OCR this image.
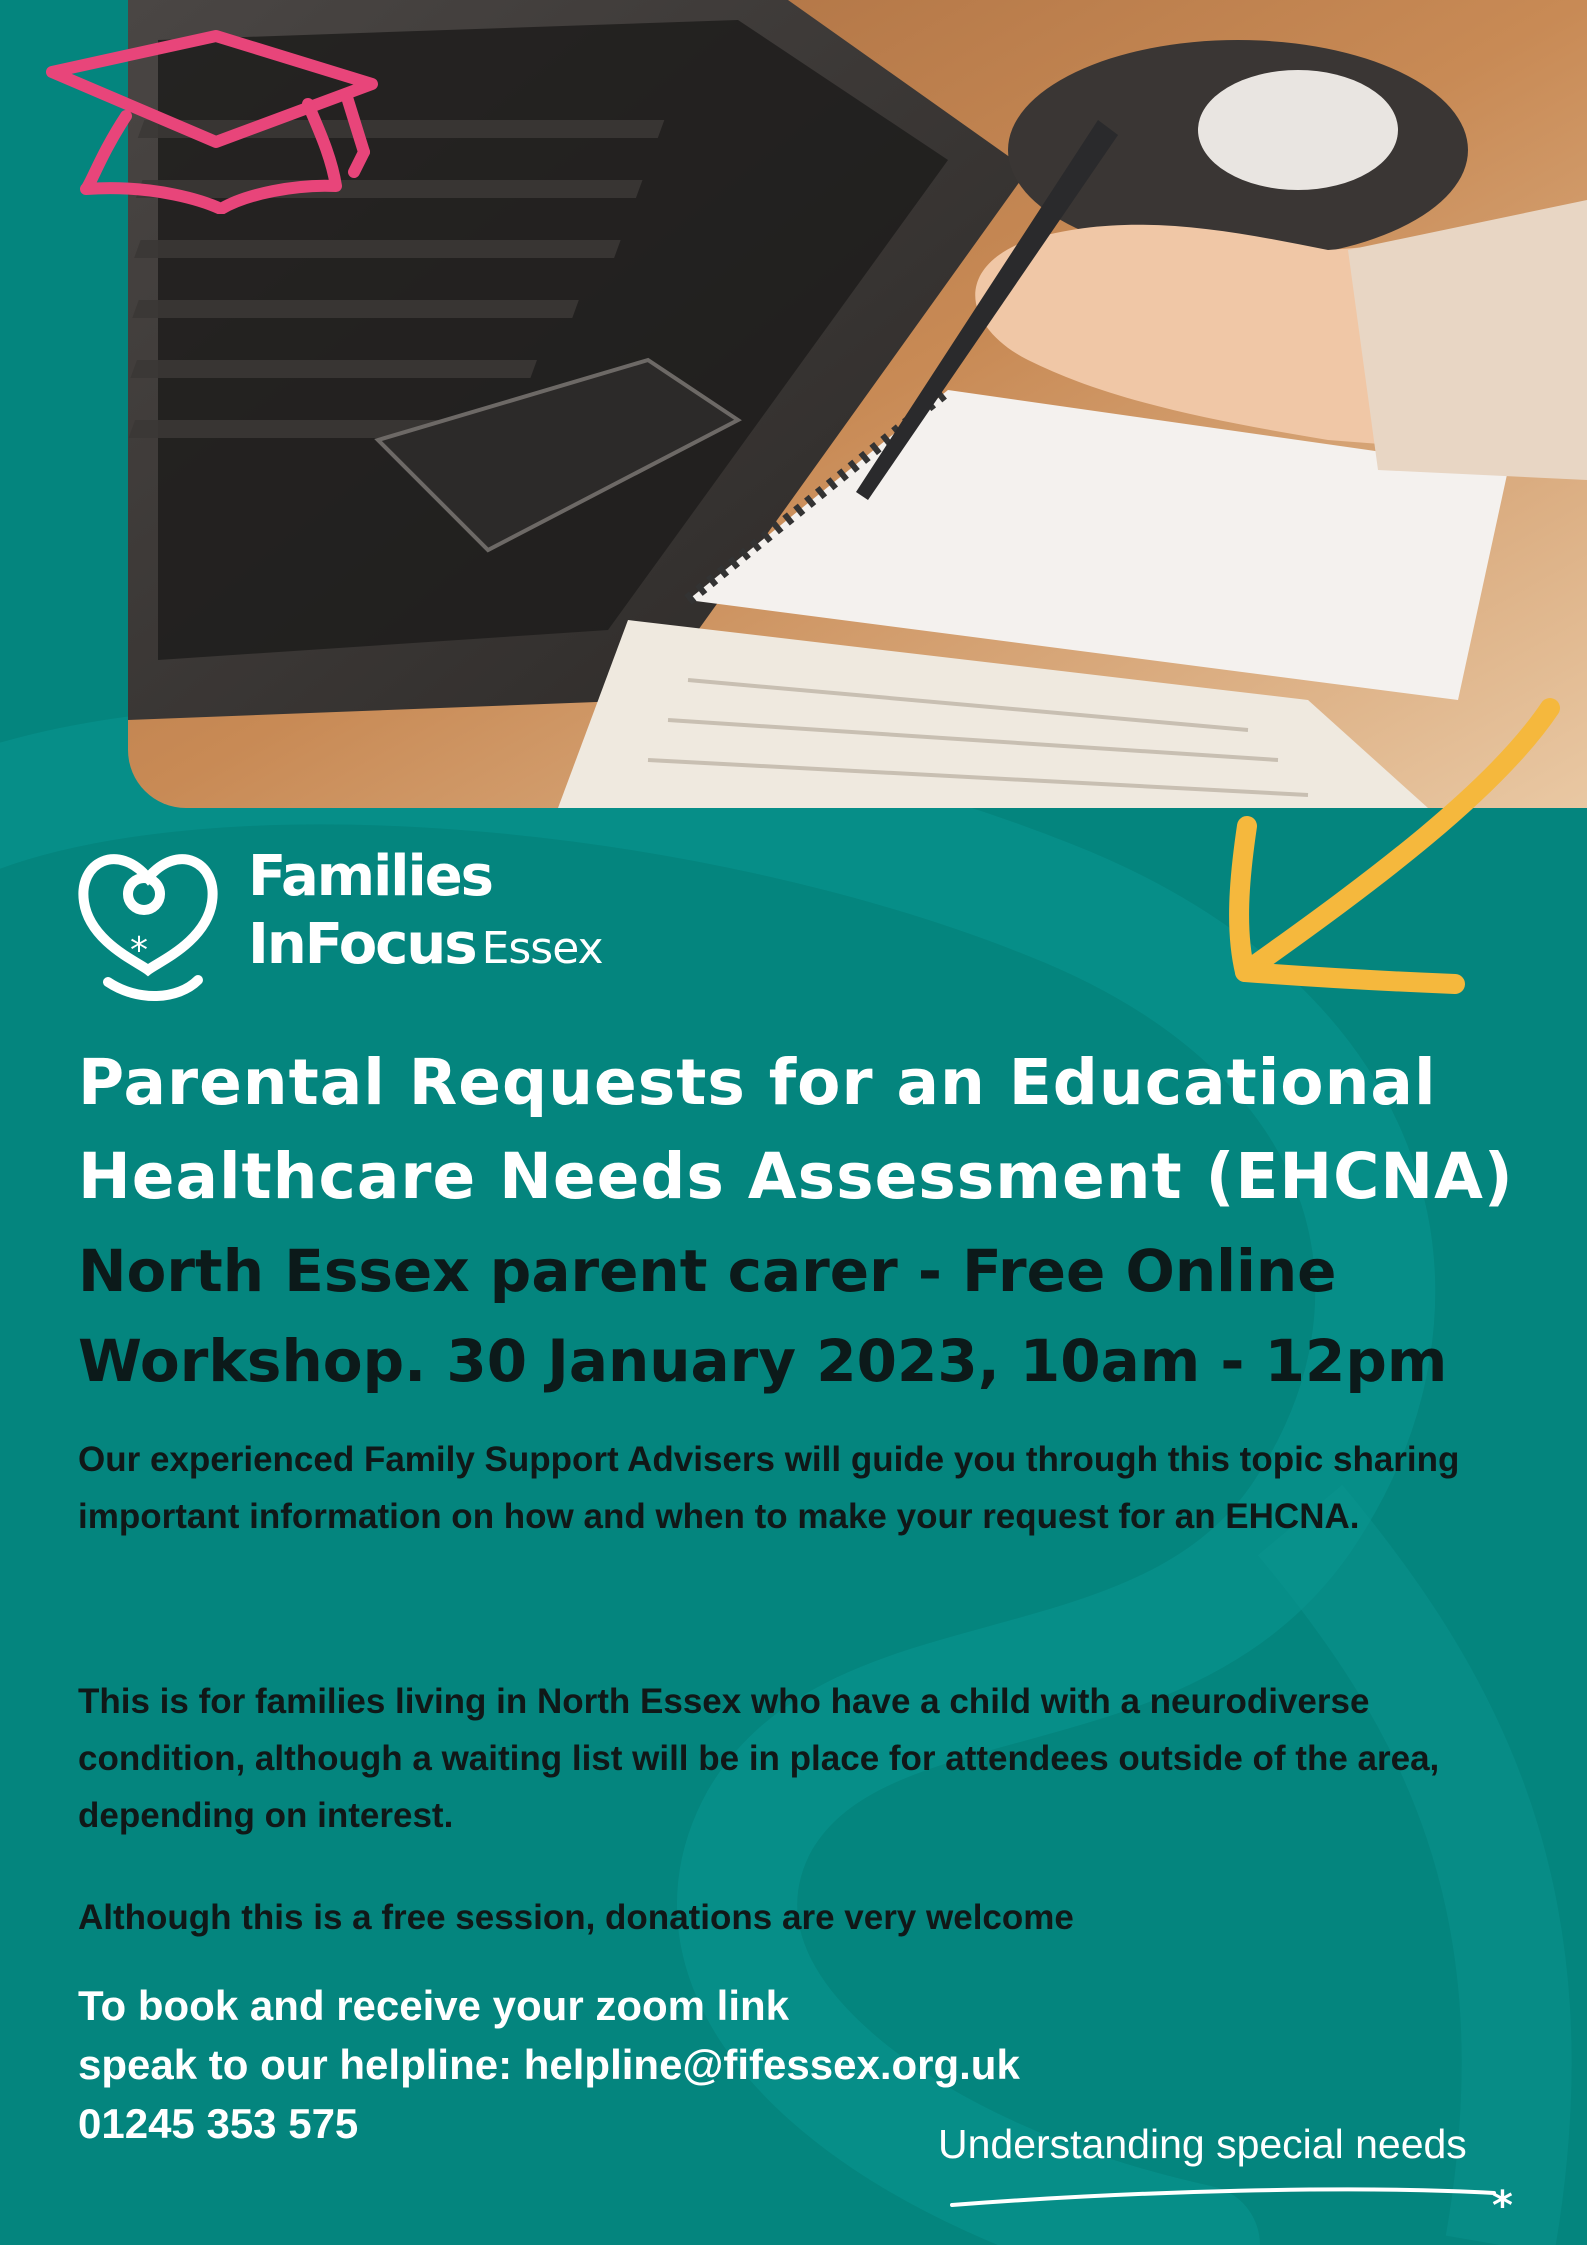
*
Families
InFocus Essex
Parental Requests for an Educational Healthcare Needs Assessment (EHCNA)
North Essex parent carer - Free Online Workshop. 30 January 2023, 10am - 12pm

Our experienced Family Support Advisers will guide you through this topic sharing important information on how and when to make your request for an EHCNA.

This is for families living in North Essex who have a child with a neurodiverse condition, although a waiting list will be in place for attendees outside of the area, depending on interest.

Although this is a free session, donations are very welcome

To book and receive your zoom link
speak to our helpline: helpline@fifessex.org.uk
01245 353 575	Understanding special needs
*
